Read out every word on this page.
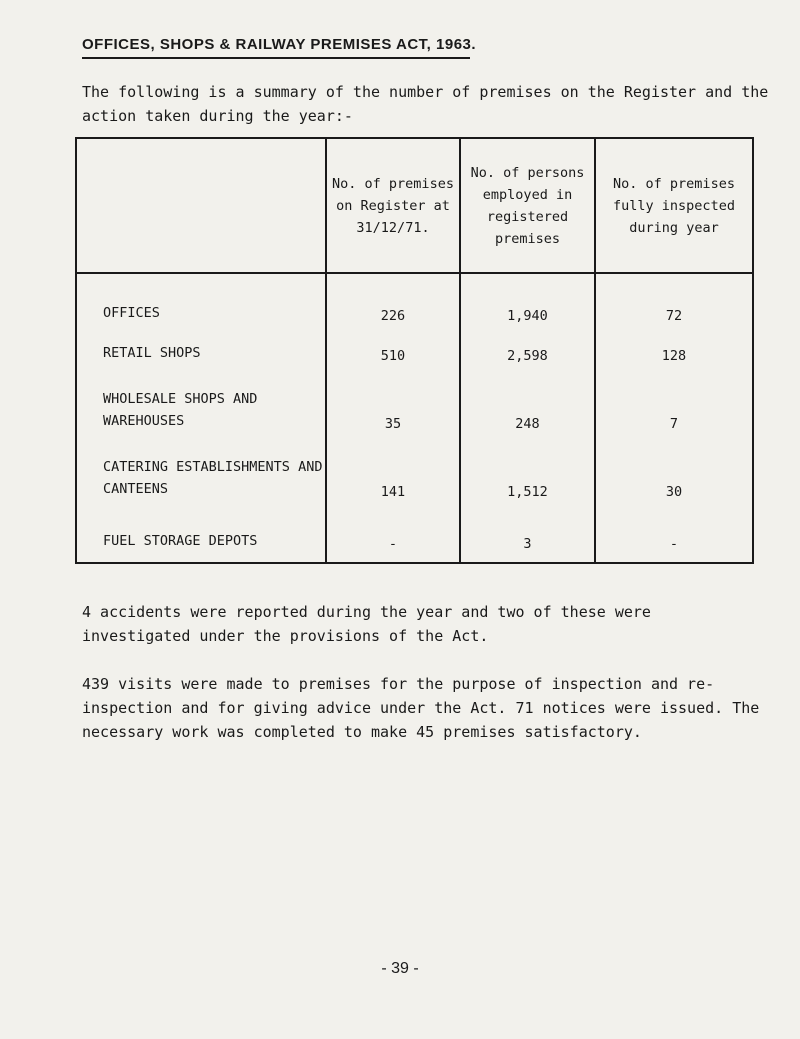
OFFICES, SHOPS & RAILWAY PREMISES ACT, 1963.
The following is a summary of the number of premises on the Register and the action taken during the year:-
	No. of premises on Register at 31/12/71.	No. of persons employed in registered premises	No. of premises fully inspected during year
OFFICES	226	1,940	72
RETAIL SHOPS	510	2,598	128
WHOLESALE SHOPS AND WAREHOUSES	35	248	7
CATERING ESTABLISHMENTS AND CANTEENS	141	1,512	30
FUEL STORAGE DEPOTS	-	3	-
4 accidents were reported during the year and two of these were investigated under the provisions of the Act.
439 visits were made to premises for the purpose of inspection and re-inspection and for giving advice under the Act. 71 notices were issued. The necessary work was completed to make 45 premises satisfactory.
- 39 -
